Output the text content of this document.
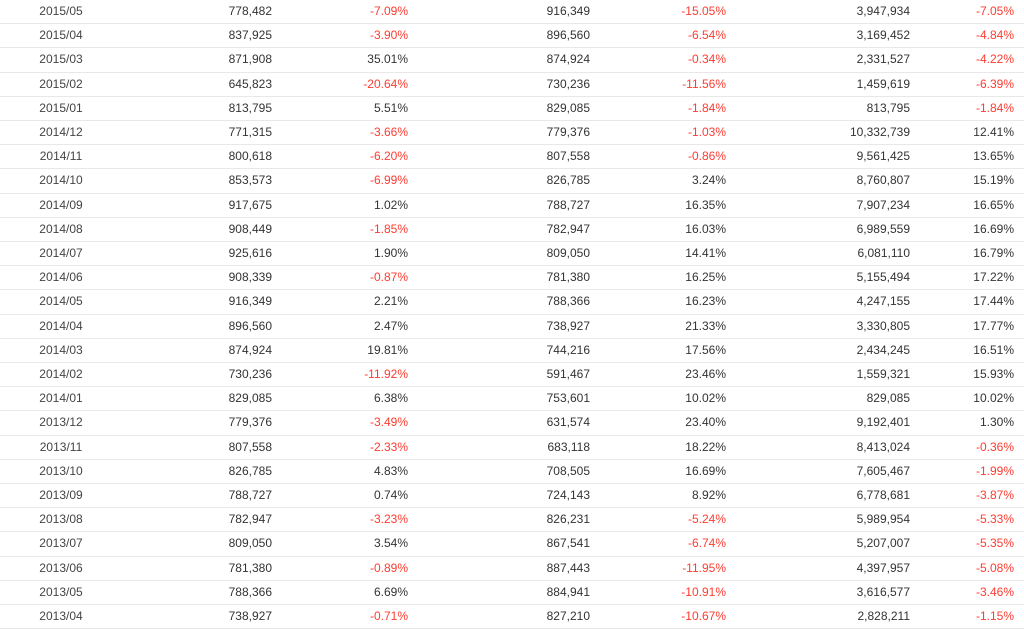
2015/05	778,482	-7.09%	916,349	-15.05%	3,947,934	-7.05%
2015/04	837,925	-3.90%	896,560	-6.54%	3,169,452	-4.84%
2015/03	871,908	35.01%	874,924	-0.34%	2,331,527	-4.22%
2015/02	645,823	-20.64%	730,236	-11.56%	1,459,619	-6.39%
2015/01	813,795	5.51%	829,085	-1.84%	813,795	-1.84%
2014/12	771,315	-3.66%	779,376	-1.03%	10,332,739	12.41%
2014/11	800,618	-6.20%	807,558	-0.86%	9,561,425	13.65%
2014/10	853,573	-6.99%	826,785	3.24%	8,760,807	15.19%
2014/09	917,675	1.02%	788,727	16.35%	7,907,234	16.65%
2014/08	908,449	-1.85%	782,947	16.03%	6,989,559	16.69%
2014/07	925,616	1.90%	809,050	14.41%	6,081,110	16.79%
2014/06	908,339	-0.87%	781,380	16.25%	5,155,494	17.22%
2014/05	916,349	2.21%	788,366	16.23%	4,247,155	17.44%
2014/04	896,560	2.47%	738,927	21.33%	3,330,805	17.77%
2014/03	874,924	19.81%	744,216	17.56%	2,434,245	16.51%
2014/02	730,236	-11.92%	591,467	23.46%	1,559,321	15.93%
2014/01	829,085	6.38%	753,601	10.02%	829,085	10.02%
2013/12	779,376	-3.49%	631,574	23.40%	9,192,401	1.30%
2013/11	807,558	-2.33%	683,118	18.22%	8,413,024	-0.36%
2013/10	826,785	4.83%	708,505	16.69%	7,605,467	-1.99%
2013/09	788,727	0.74%	724,143	8.92%	6,778,681	-3.87%
2013/08	782,947	-3.23%	826,231	-5.24%	5,989,954	-5.33%
2013/07	809,050	3.54%	867,541	-6.74%	5,207,007	-5.35%
2013/06	781,380	-0.89%	887,443	-11.95%	4,397,957	-5.08%
2013/05	788,366	6.69%	884,941	-10.91%	3,616,577	-3.46%
2013/04	738,927	-0.71%	827,210	-10.67%	2,828,211	-1.15%
